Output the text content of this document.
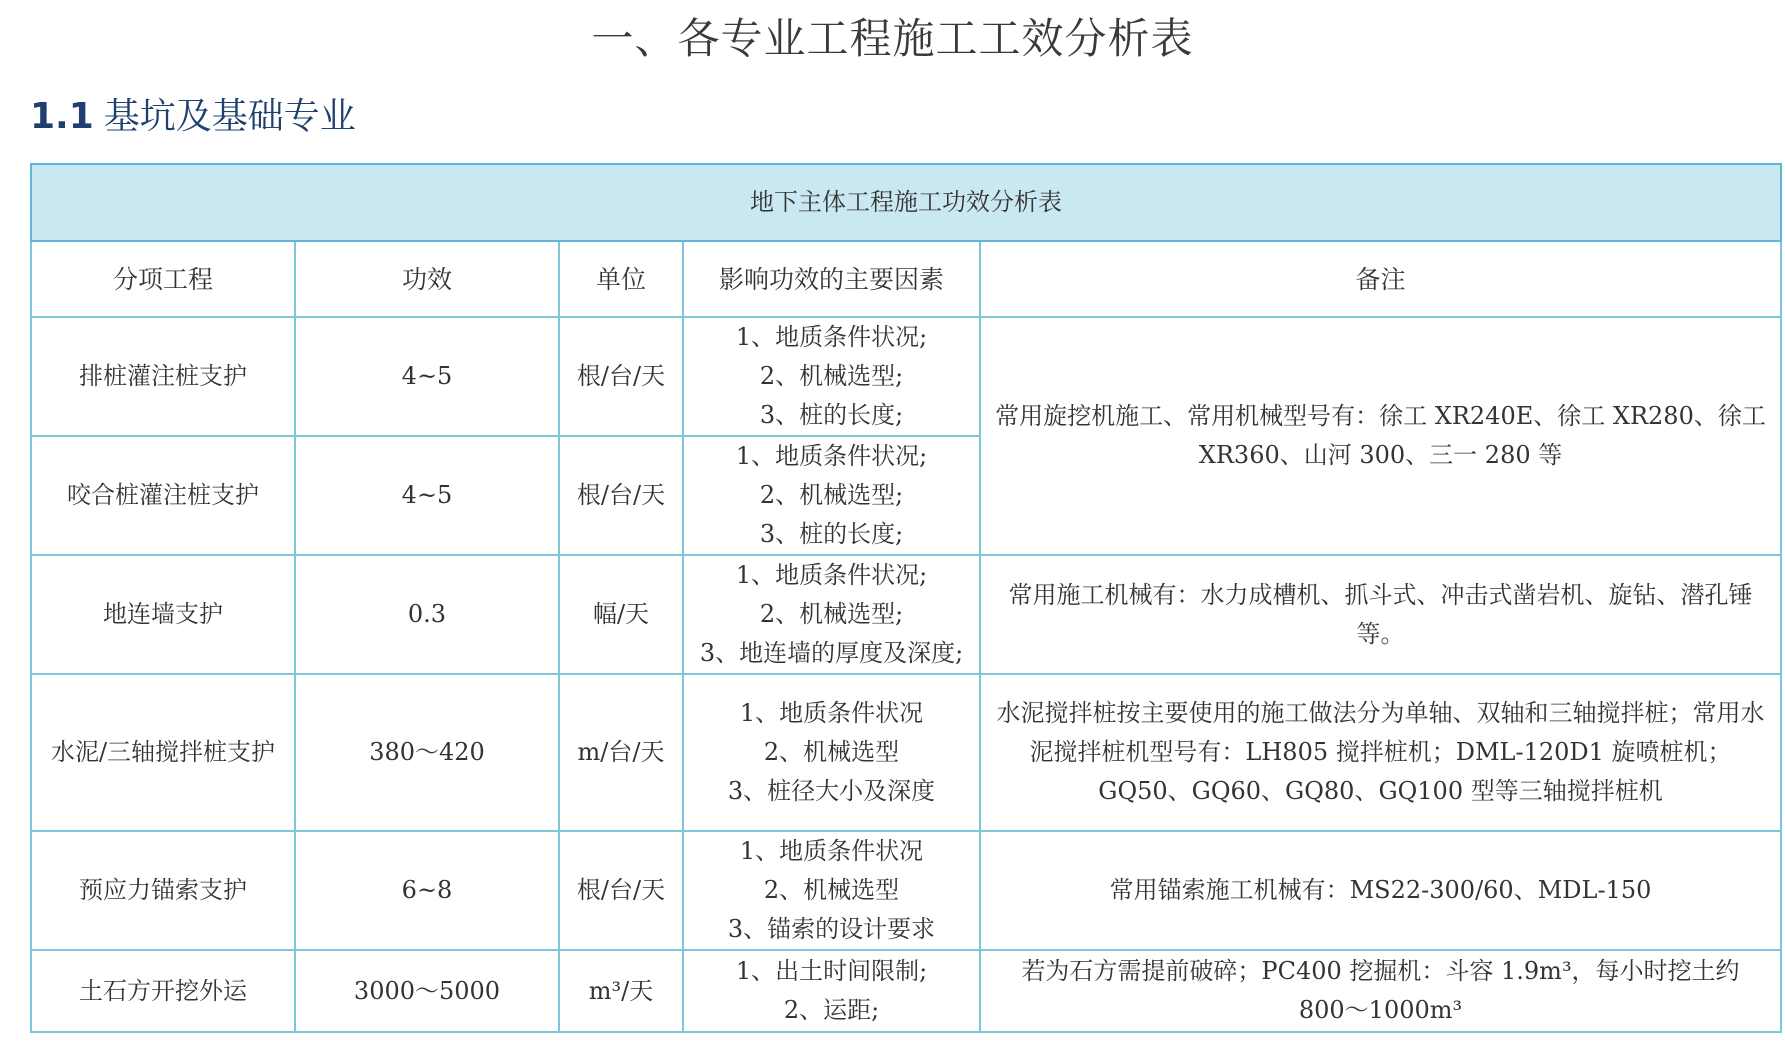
一、各专业工程施工工效分析表
1.1 基坑及基础专业
地下主体工程施工功效分析表				
分项工程	功效	单位	影响功效的主要因素	备注
排桩灌注桩支护	4~5	根/台/天	1、地质条件状况;
2、机械选型;
3、桩的长度;	常用旋挖机施工、常用机械型号有：徐工 XR240E、徐工 XR280、徐工 XR360、山河 300、三一 280 等
咬合桩灌注桩支护	4~5	根/台/天	1、地质条件状况;
2、机械选型;
3、桩的长度;	

地连墙支护	0.3	幅/天	1、地质条件状况;
2、机械选型;
3、地连墙的厚度及深度;	常用施工机械有：水力成槽机、抓斗式、冲击式凿岩机、旋钻、潜孔锤等。
水泥/三轴搅拌桩支护	380～420	m/台/天	1、地质条件状况
2、机械选型
3、桩径大小及深度	水泥搅拌桩按主要使用的施工做法分为单轴、双轴和三轴搅拌桩；常用水泥搅拌桩机型号有：LH805 搅拌桩机；DML-120D1 旋喷桩机；GQ50、GQ60、GQ80、GQ100 型等三轴搅拌桩机
预应力锚索支护	6~8	根/台/天	1、地质条件状况
2、机械选型
3、锚索的设计要求	常用锚索施工机械有：MS22-300/60、MDL-150
土石方开挖外运	3000～5000	m³/天	1、出土时间限制;
2、运距;	若为石方需提前破碎；PC400 挖掘机：斗容 1.9m³，每小时挖土约 800～1000m³
